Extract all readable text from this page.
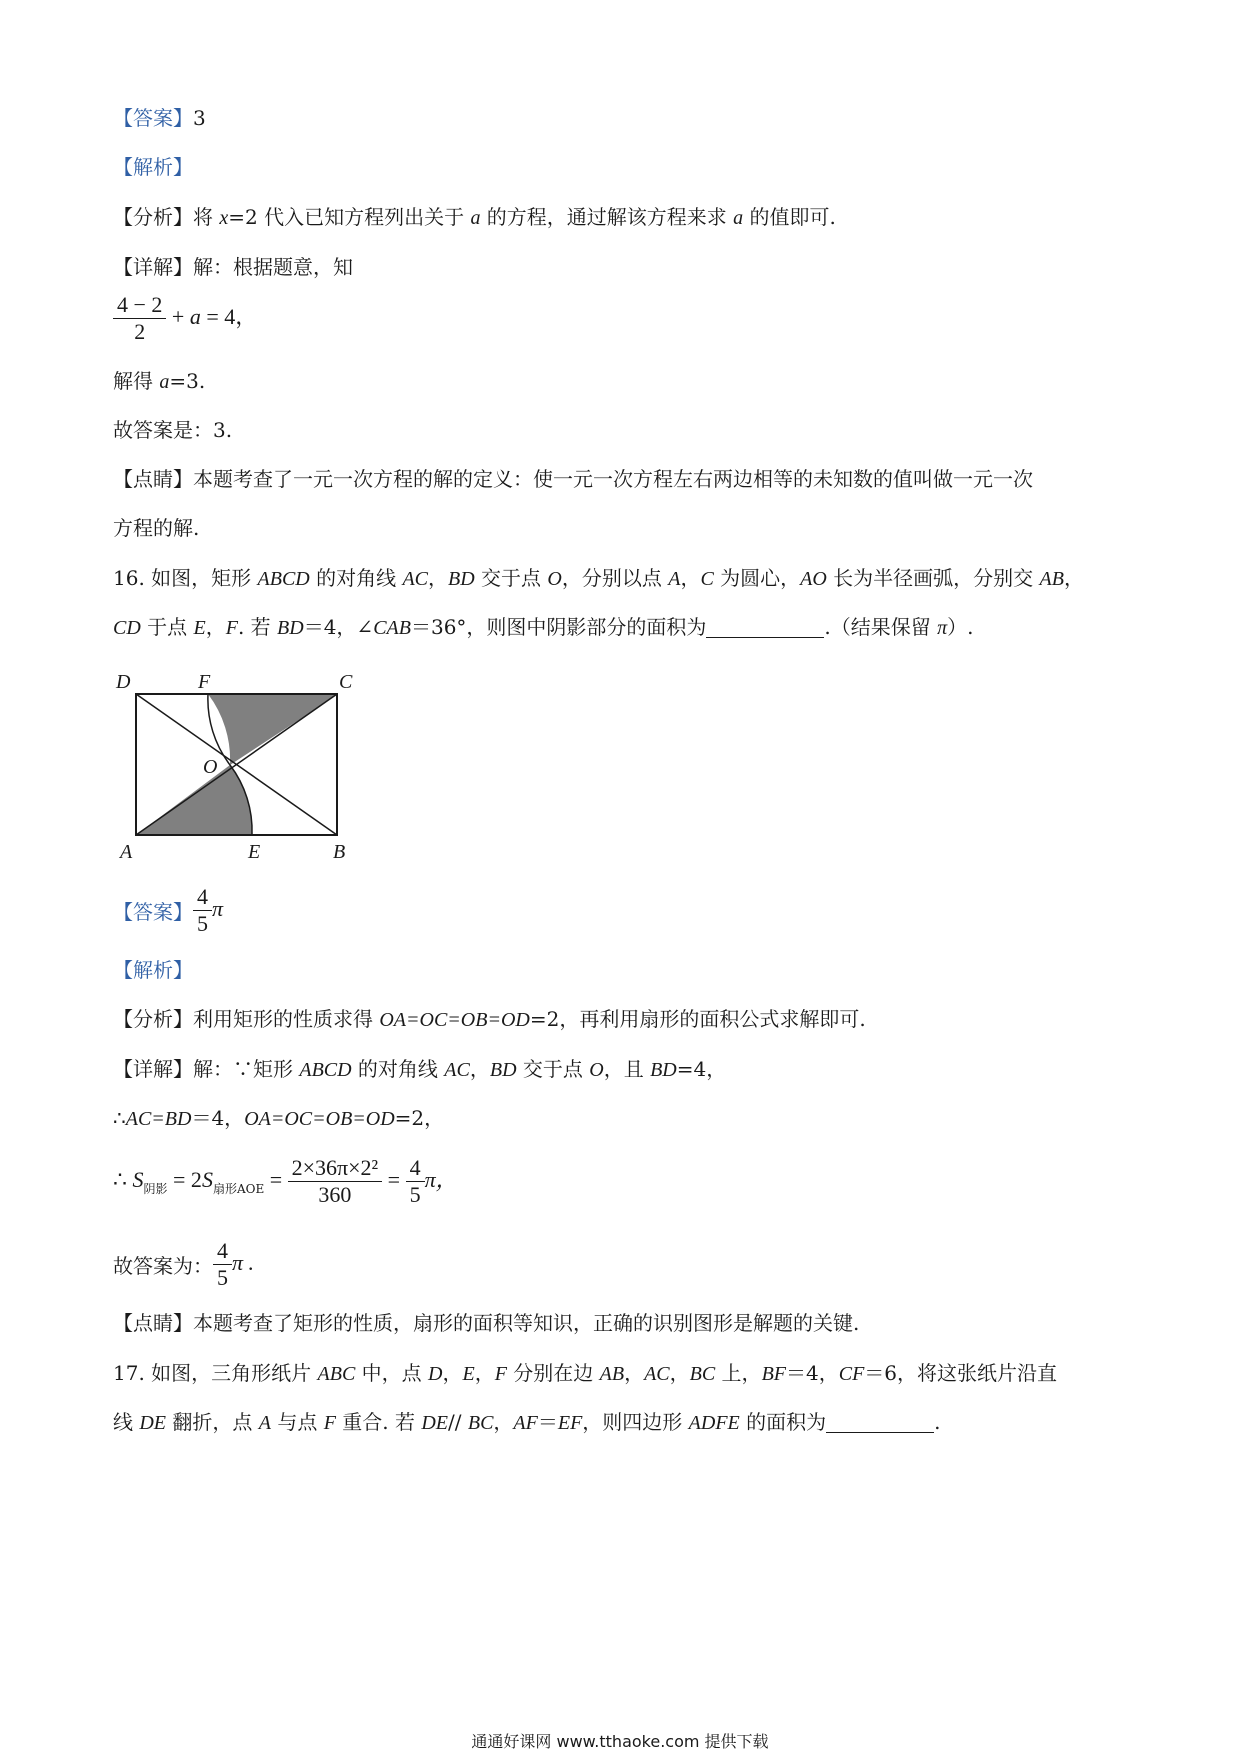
【答案】3
【解析】
【分析】将 x=2 代入已知方程列出关于 a 的方程，通过解该方程来求 a 的值即可.
【详解】解：根据题意，知
$\frac{4 - 2}{2} + a = 4$，
解得 a=3.
故答案是：3.
【点睛】本题考查了一元一次方程的解的定义：使一元一次方程左右两边相等的未知数的值叫做一元一次
方程的解.
16. 如图，矩形 ABCD 的对角线 AC，BD 交于点 O，分别以点 A，C 为圆心，AO 长为半径画弧，分别交 AB，
CD 于点 E，F. 若 BD＝4，∠CAB＝36°，则图中阴影部分的面积为	.（结果保留 π）.
D	F	C
O
A	E	B
【答案】 $\frac{4}{5}$ π
【解析】
【分析】利用矩形的性质求得 OA=OC=OB=OD=2，再利用扇形的面积公式求解即可.
【详解】解：∵矩形 ABCD 的对角线 AC，BD 交于点 O，且 BD=4，
∴AC=BD＝4，OA=OC=OB=OD=2，
∴ $S_{阴影} = 2S_{扇形AOE} = \frac{\text{2×36π×2²}}{360} = \frac{4}{5}$ π，
故答案为： $\frac{4}{5}$ π .
【点睛】本题考查了矩形的性质，扇形的面积等知识，正确的识别图形是解题的关键.
17. 如图，三角形纸片 ABC 中，点 D，E，F 分别在边 AB，AC，BC 上，BF＝4，CF＝6，将这张纸片沿直
线 DE 翻折，点 A 与点 F 重合. 若 DE// BC，AF＝EF，则四边形 ADFE 的面积为	.
通通好课网 www.tthaoke.com 提供下载
